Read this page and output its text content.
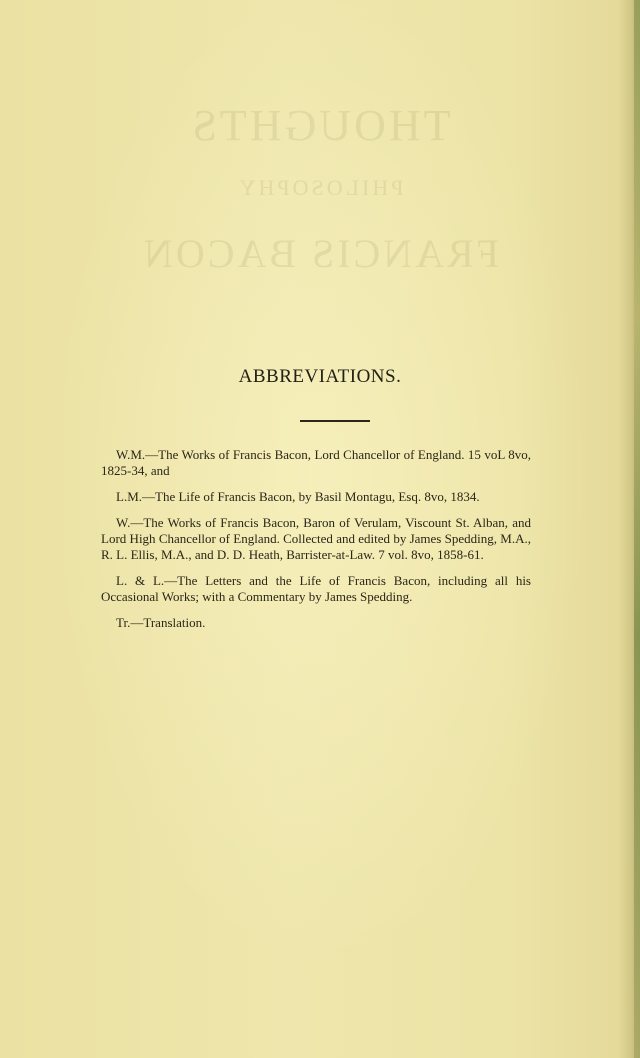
THOUGHTS
PHILOSOPHY
FRANCIS BACON
ABBREVIATIONS.

W.M.—The Works of Francis Bacon, Lord Chancellor of England. 15 voL 8vo, 1825-34, and

L.M.—The Life of Francis Bacon, by Basil Montagu, Esq. 8vo, 1834.

W.—The Works of Francis Bacon, Baron of Verulam, Viscount St. Alban, and Lord High Chancellor of England. Collected and edited by James Spedding, M.A., R. L. Ellis, M.A., and D. D. Heath, Barrister-at-Law. 7 vol. 8vo, 1858-61.

L. & L.—The Letters and the Life of Francis Bacon, including all his Occasional Works; with a Commentary by James Spedding.

Tr.—Translation.
